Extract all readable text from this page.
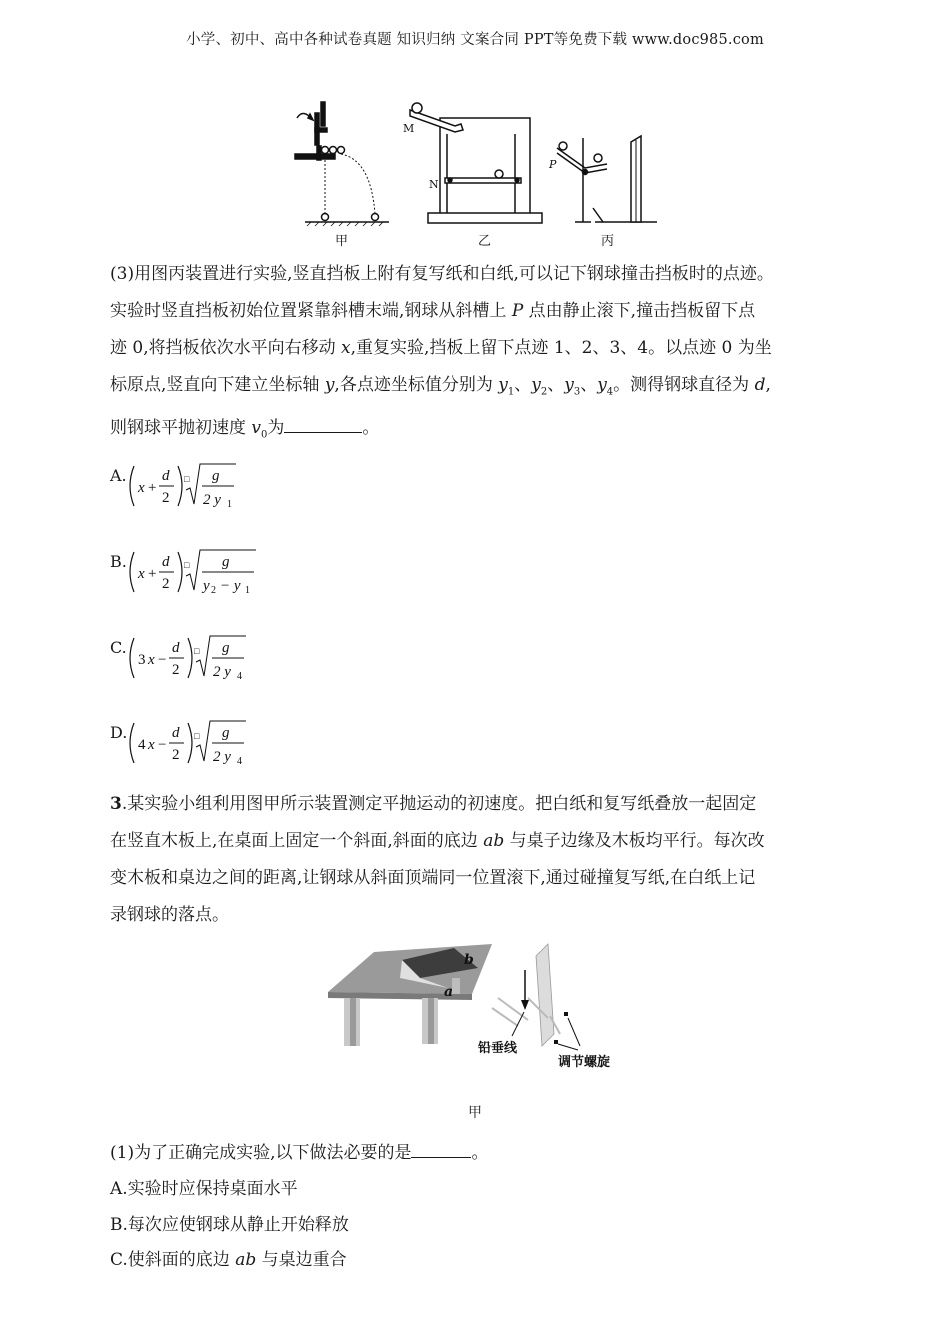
小学、初中、高中各种试卷真题 知识归纳 文案合同 PPT等免费下载 www.doc985.com
甲	乙	丙
M
N
P
(3)用图丙装置进行实验,竖直挡板上附有复写纸和白纸,可以记下钢球撞击挡板时的点迹。
实验时竖直挡板初始位置紧靠斜槽末端,钢球从斜槽上 P 点由静止滚下,撞击挡板留下点
迹 0,将挡板依次水平向右移动 x,重复实验,挡板上留下点迹 1、2、3、4。以点迹 0 为坐
标原点,竖直向下建立坐标轴 y,各点迹坐标值分别为 $y_1$、$y_2$、$y_3$、$y_4$。测得钢球直径为 d,
则钢球平抛初速度 $v_0$为	。
A.
x +
d
2
□ g
2 y 1
B.
x +
d
2
□ g
y 2 − y 1
C.
3 x −
d
2
□ g
2 y 4
D.
4 x −
d
2
□ g
2 y 4
3.某实验小组利用图甲所示装置测定平抛运动的初速度。把白纸和复写纸叠放一起固定
在竖直木板上,在桌面上固定一个斜面,斜面的底边 ab 与桌子边缘及木板均平行。每次改
变木板和桌边之间的距离,让钢球从斜面顶端同一位置滚下,通过碰撞复写纸,在白纸上记
录钢球的落点。
b
a
铅垂线
调节螺旋
甲
(1)为了正确完成实验,以下做法必要的是	。
A.实验时应保持桌面水平
B.每次应使钢球从静止开始释放
C.使斜面的底边 ab 与桌边重合
